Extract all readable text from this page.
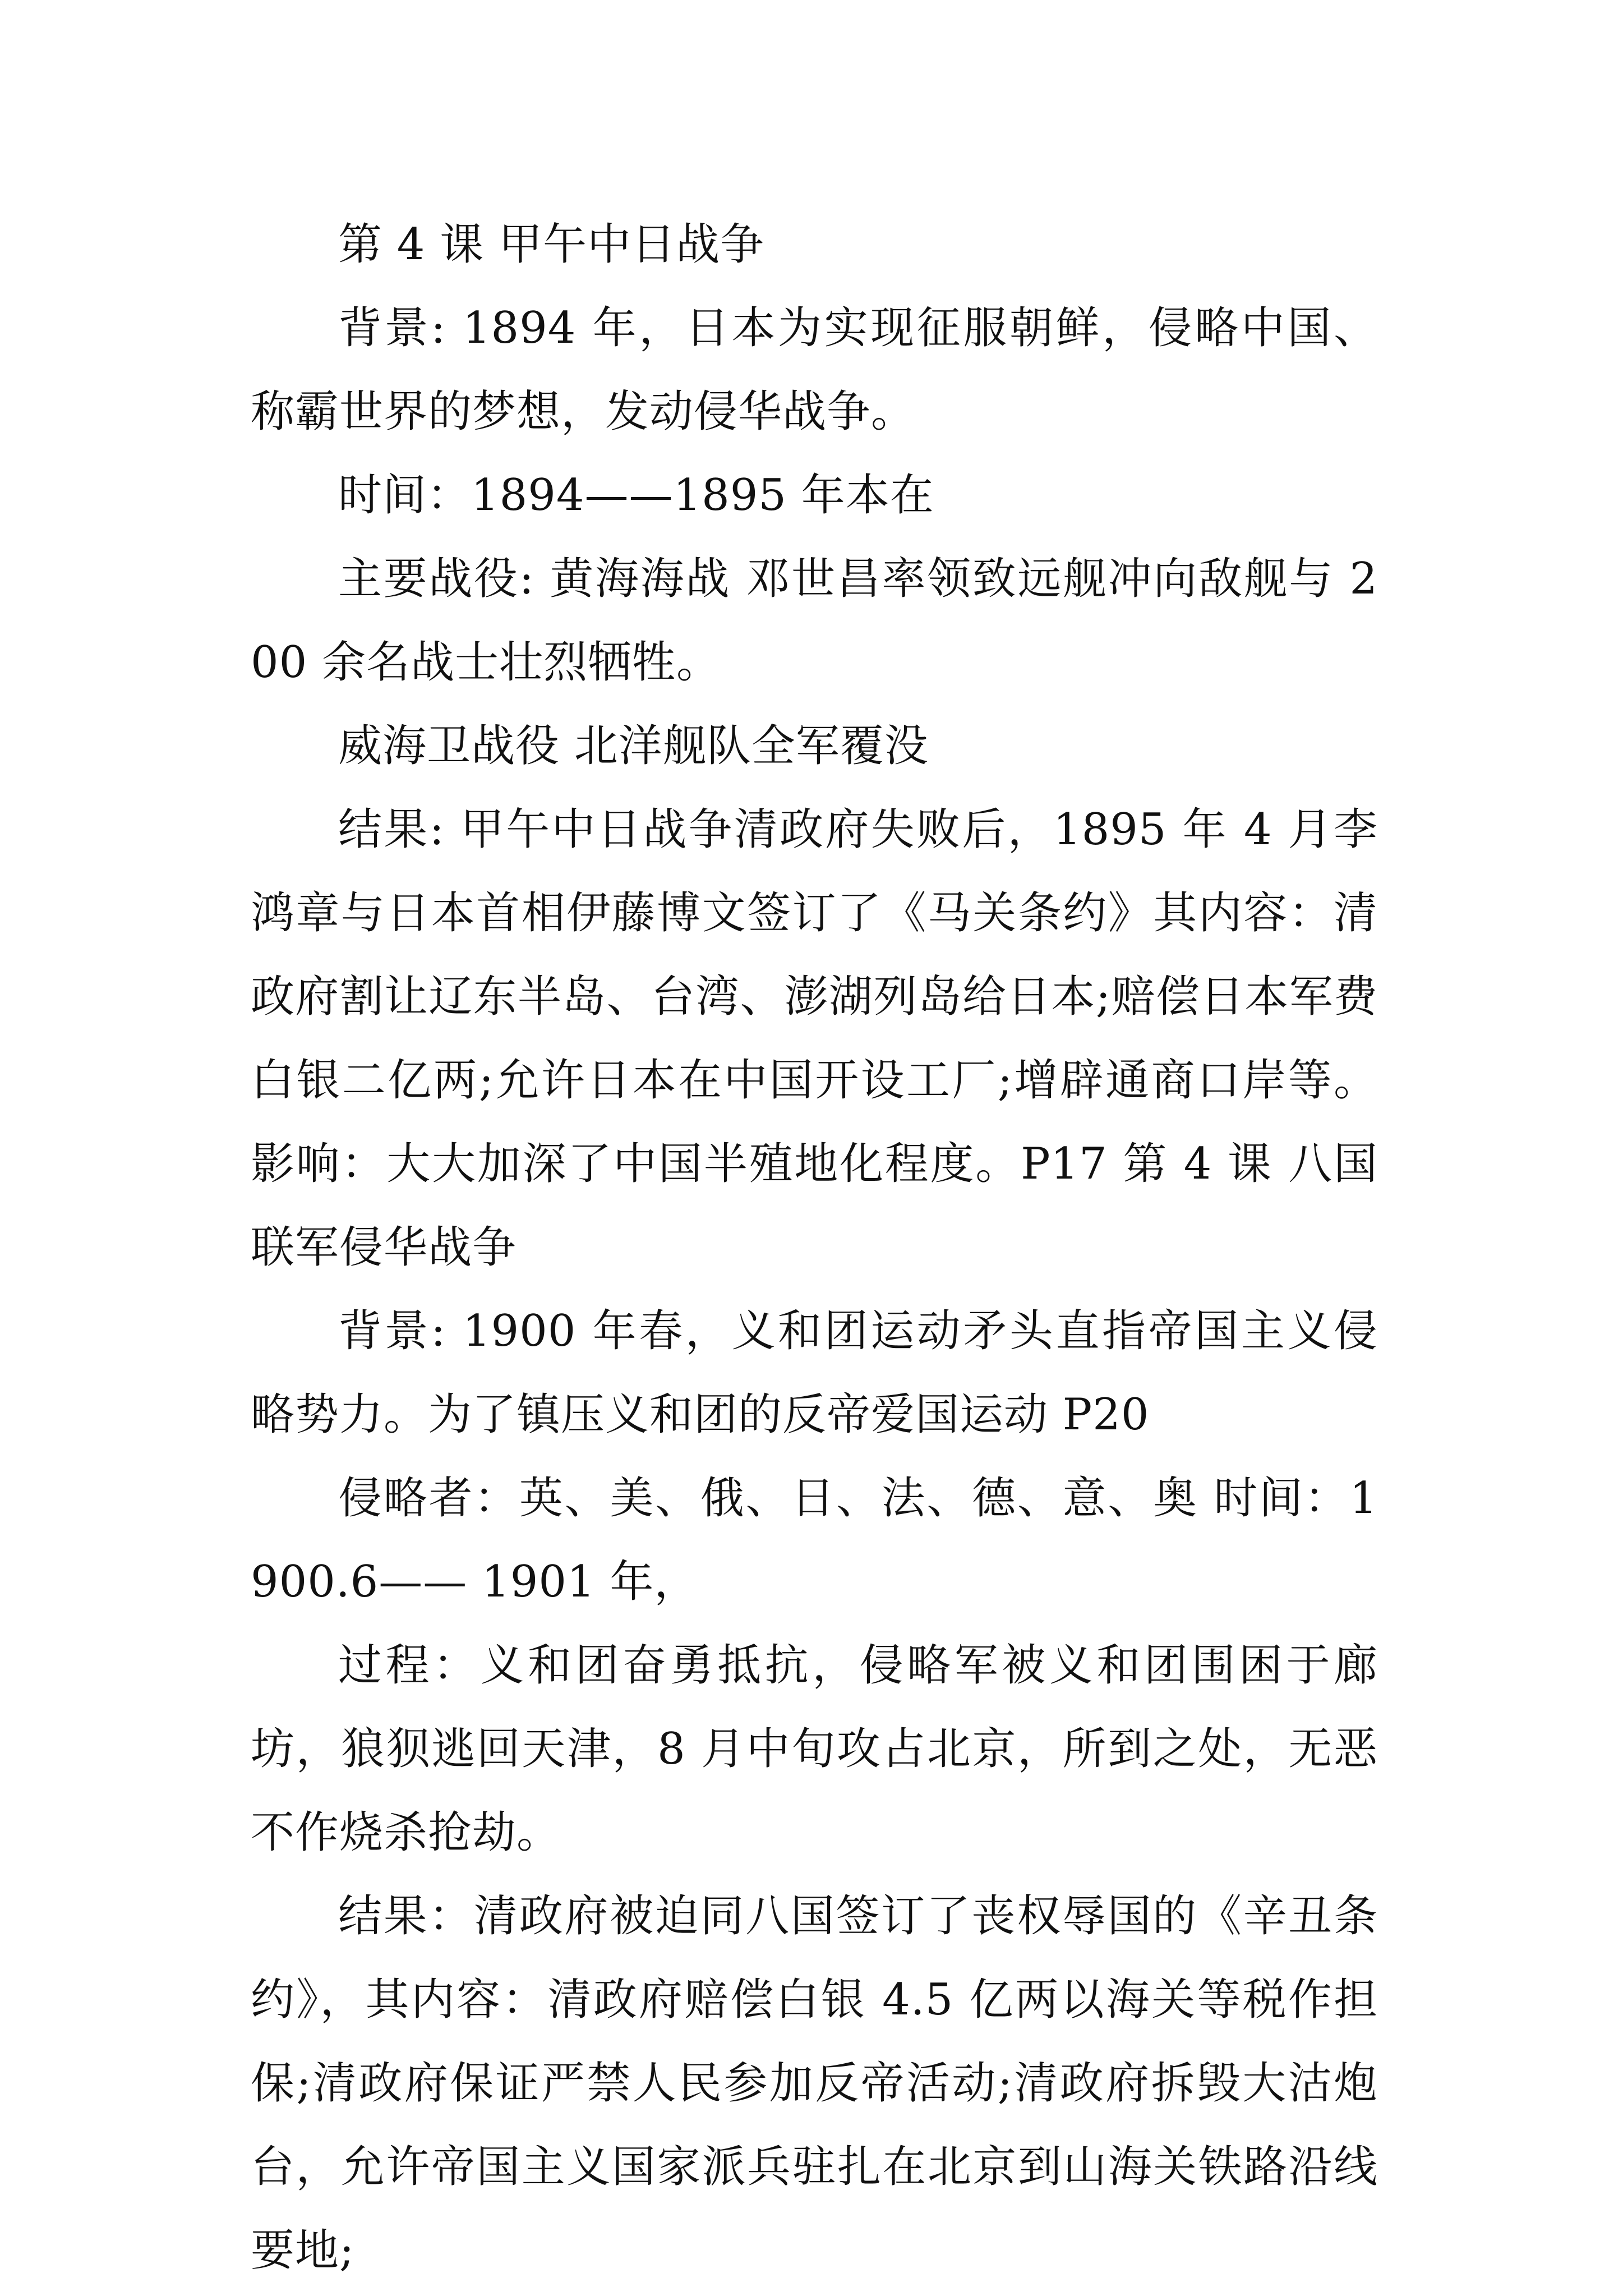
第 4 课 甲午中日战争

背景: 1894 年，日本为实现征服朝鲜，侵略中国、称霸世界的梦想，发动侵华战争。

时间：1894——1895 年本在

主要战役: 黄海海战 邓世昌率领致远舰冲向敌舰与 200 余名战士壮烈牺牲。

威海卫战役 北洋舰队全军覆没

结果: 甲午中日战争清政府失败后，1895 年 4 月李鸿章与日本首相伊藤博文签订了《马关条约》其内容：清政府割让辽东半岛、台湾、澎湖列岛给日本;赔偿日本军费白银二亿两;允许日本在中国开设工厂;增辟通商口岸等。影响：大大加深了中国半殖地化程度。P17 第 4 课 八国联军侵华战争

背景: 1900 年春，义和团运动矛头直指帝国主义侵略势力。为了镇压义和团的反帝爱国运动 P20

侵略者：英、美、俄、日、法、德、意、奥 时间：1900.6—— 1901 年，

过程：义和团奋勇抵抗，侵略军被义和团围困于廊坊，狼狈逃回天津，8 月中旬攻占北京，所到之处，无恶不作烧杀抢劫。

结果：清政府被迫同八国签订了丧权辱国的《辛丑条约》，其内容：清政府赔偿白银 4.5 亿两以海关等税作担保;清政府保证严禁人民参加反帝活动;清政府拆毁大沽炮台，允许帝国主义国家派兵驻扎在北京到山海关铁路沿线要地;
